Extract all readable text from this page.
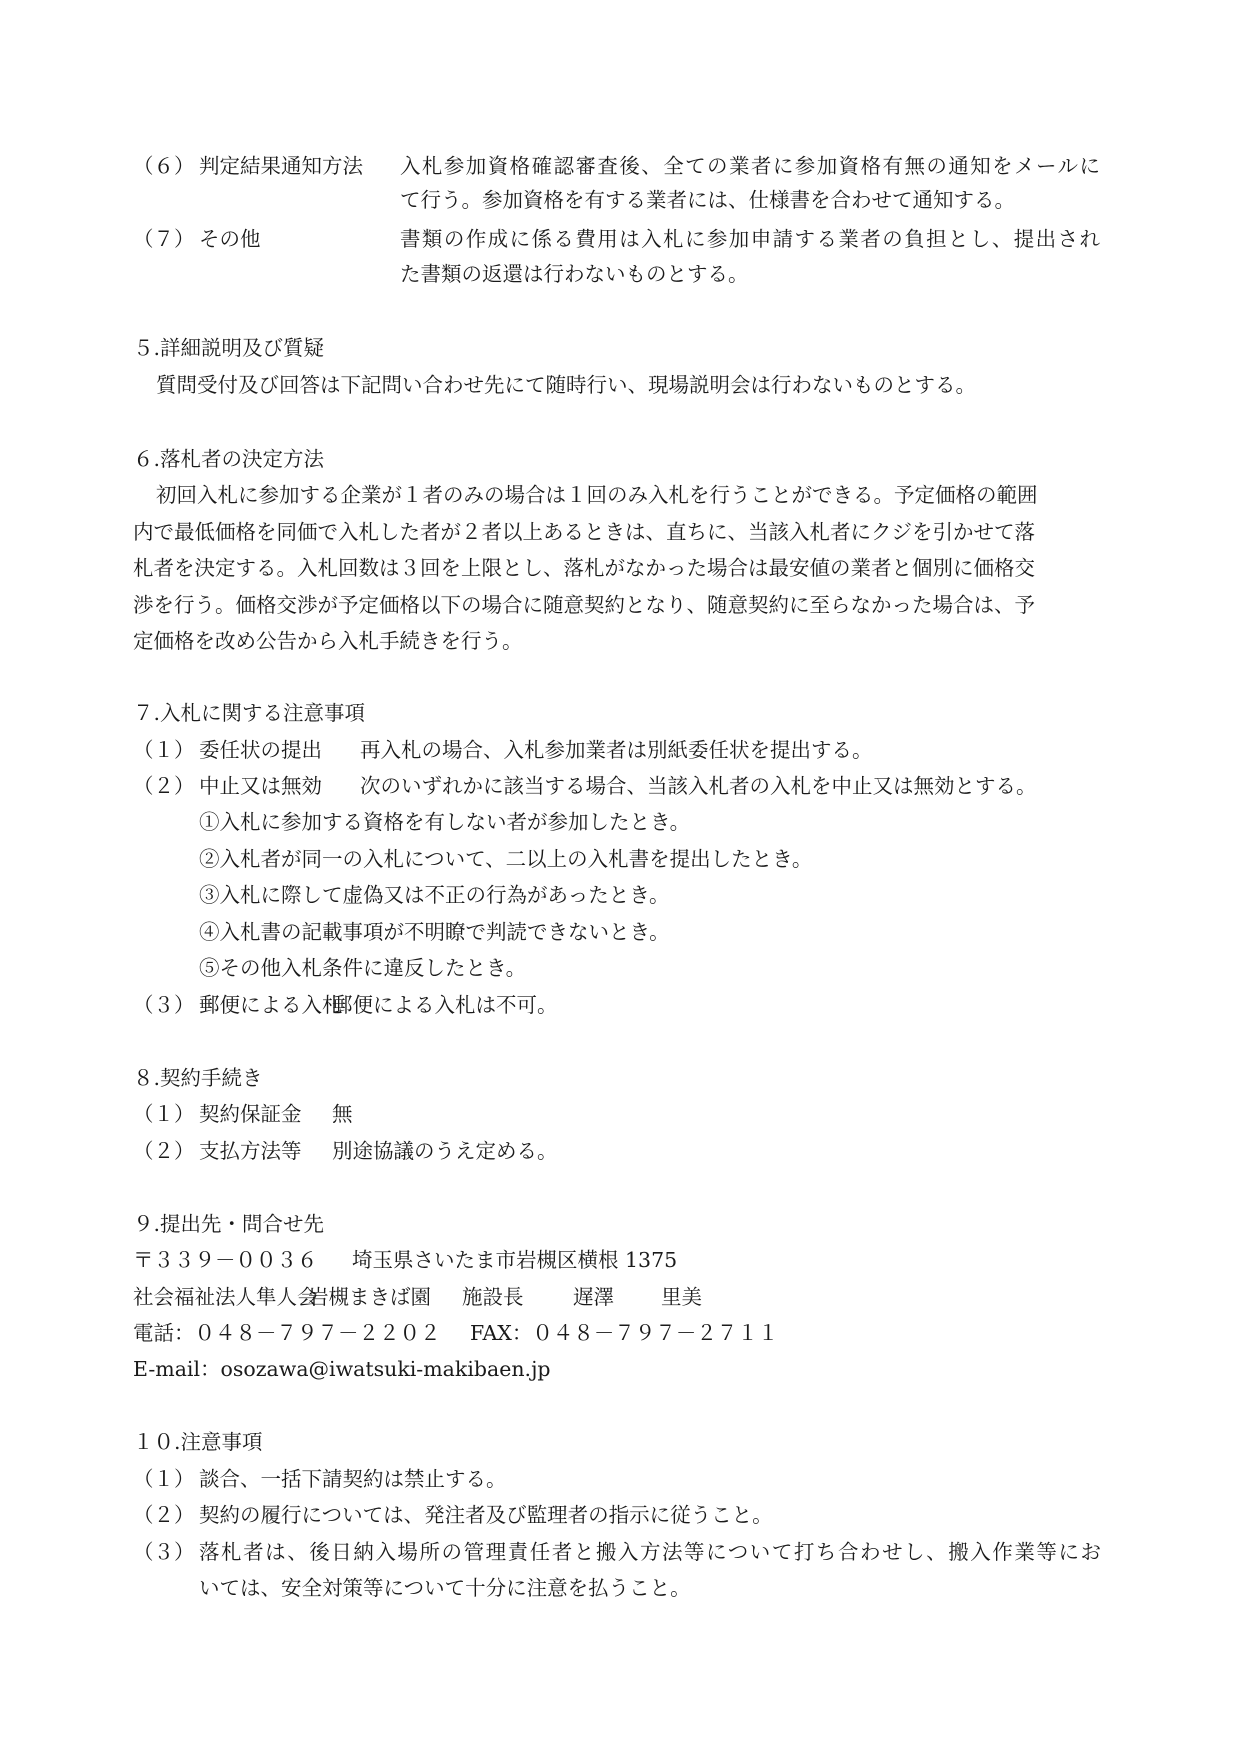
（６） 判定結果通知方法 入札参加資格確認審査後、全ての業者に参加資格有無の通知をメールに
て行う。参加資格を有する業者には、仕様書を合わせて通知する。
（７） その他	書類の作成に係る費用は入札に参加申請する業者の負担とし、提出され
た書類の返還は行わないものとする。
５.詳細説明及び質疑
質問受付及び回答は下記問い合わせ先にて随時行い、現場説明会は行わないものとする。
６.落札者の決定方法
初回入札に参加する企業が１者のみの場合は１回のみ入札を行うことができる。予定価格の範囲
内で最低価格を同価で入札した者が２者以上あるときは、直ちに、当該入札者にクジを引かせて落
札者を決定する。入札回数は３回を上限とし、落札がなかった場合は最安値の業者と個別に価格交
渉を行う。価格交渉が予定価格以下の場合に随意契約となり、随意契約に至らなかった場合は、予
定価格を改め公告から入札手続きを行う。
７.入札に関する注意事項
（１） 委任状の提出 再入札の場合、入札参加業者は別紙委任状を提出する。
（２） 中止又は無効 次のいずれかに該当する場合、当該入札者の入札を中止又は無効とする。
①入札に参加する資格を有しない者が参加したとき。
②入札者が同一の入札について、二以上の入札書を提出したとき。
③入札に際して虚偽又は不正の行為があったとき。
④入札書の記載事項が不明瞭で判読できないとき。
⑤その他入札条件に違反したとき。
（３） 郵便による入札
郵便による入札は不可。
８.契約手続き
（１） 契約保証金 無
（２） 支払方法等 別途協議のうえ定める。
９.提出先・問合せ先
〒３３９－００３６ 埼玉県さいたま市岩槻区横根 1375
社会福祉法人隼人会
岩槻まきば園 施設長 遅澤 里美
電話：０４８－７９７－２２０２ FAX：０４８－７９７－２７１１
E-mail：osozawa@iwatsuki-makibaen.jp
１０.注意事項
（１） 談合、一括下請契約は禁止する。
（２） 契約の履行については、発注者及び監理者の指示に従うこと。
（３） 落札者は、後日納入場所の管理責任者と搬入方法等について打ち合わせし、搬入作業等にお
いては、安全対策等について十分に注意を払うこと。
